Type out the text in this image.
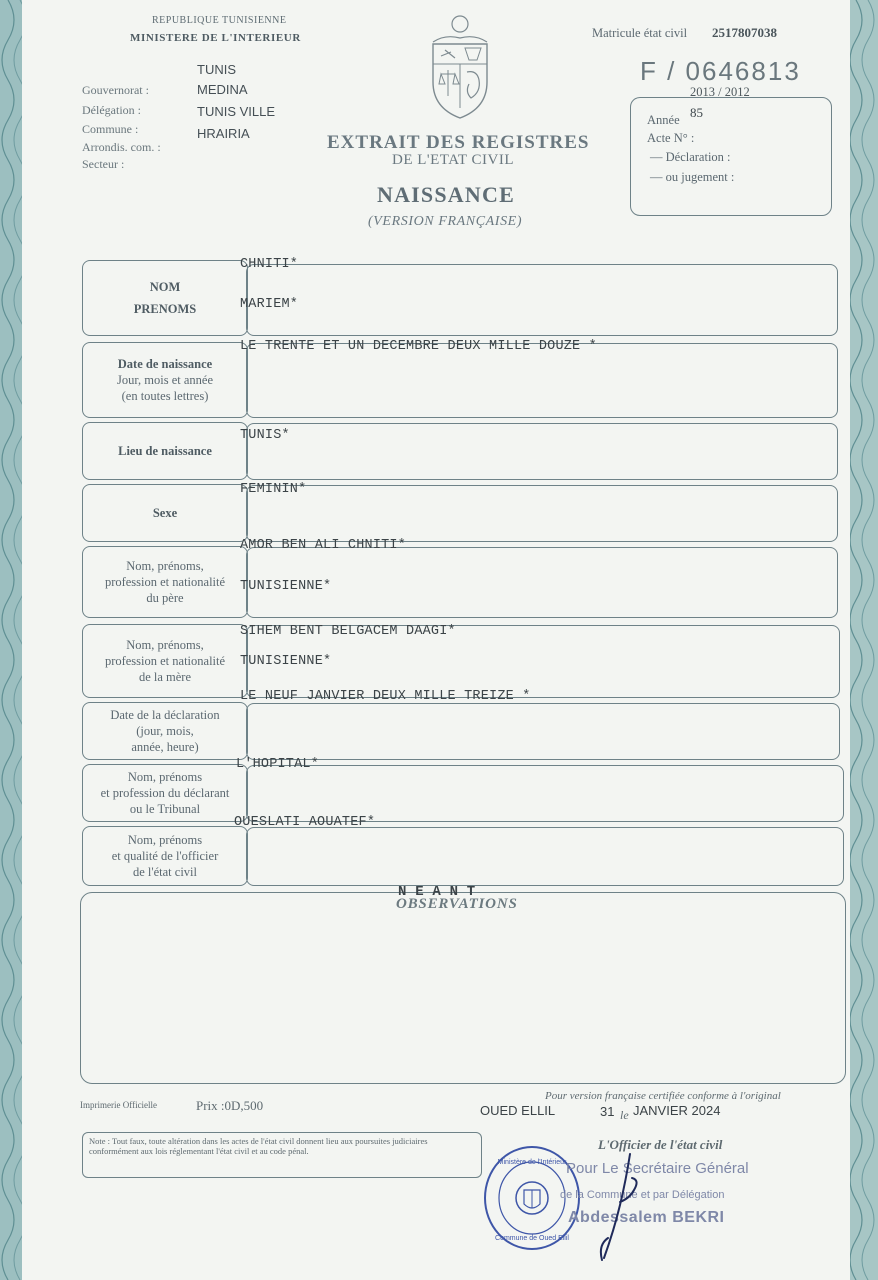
REPUBLIQUE TUNISIENNE
MINISTERE DE L'INTERIEUR
TUNIS
Gouvernorat :	MEDINA
Délégation :	TUNIS VILLE
Commune :	HRAIRIA
Arrondis. com. :
Secteur :
Matricule état civil 2517807038
F / 0646813
2013 / 2012
Année 85
Acte N° :
— Déclaration :
— ou jugement :
EXTRAIT DES REGISTRES
DE L'ETAT CIVIL
NAISSANCE
(VERSION FRANÇAISE)
NOM
PRENOMS
CHNITI*
MARIEM*
Date de naissance
Jour, mois et année
(en toutes lettres)
LE TRENTE ET UN DECEMBRE DEUX MILLE DOUZE *
Lieu de naissance
TUNIS*
Sexe
FEMININ*
Nom, prénoms,
profession et nationalité
du père
AMOR BEN ALI CHNITI*
TUNISIENNE*
Nom, prénoms,
profession et nationalité
de la mère
SIHEM BENT BELGACEM DAAGI*
TUNISIENNE*
Date de la déclaration
(jour, mois,
année, heure)
LE NEUF JANVIER DEUX MILLE TREIZE *
Nom, prénoms
et profession du déclarant
ou le Tribunal
L'HOPITAL*
Nom, prénoms
et qualité de l'officier
de l'état civil
OUESLATI AOUATEF*
OBSERVATIONS
N E A N T
Imprimerie Officielle	Prix :0D,500
Pour version française certifiée conforme à l'original
OUED ELLIL	31 le JANVIER 2024
Note : Tout faux, toute altération dans les actes de l'état civil donnent lieu aux poursuites judiciaires conformément aux lois réglementant l'état civil et au code pénal.	L'Officier de l'état civil
Ministère de l'Intérieur
Commune de Oued Ellil
Pour Le Secrétaire Général
de la Commune et par Délégation
Abdessalem BEKRI
